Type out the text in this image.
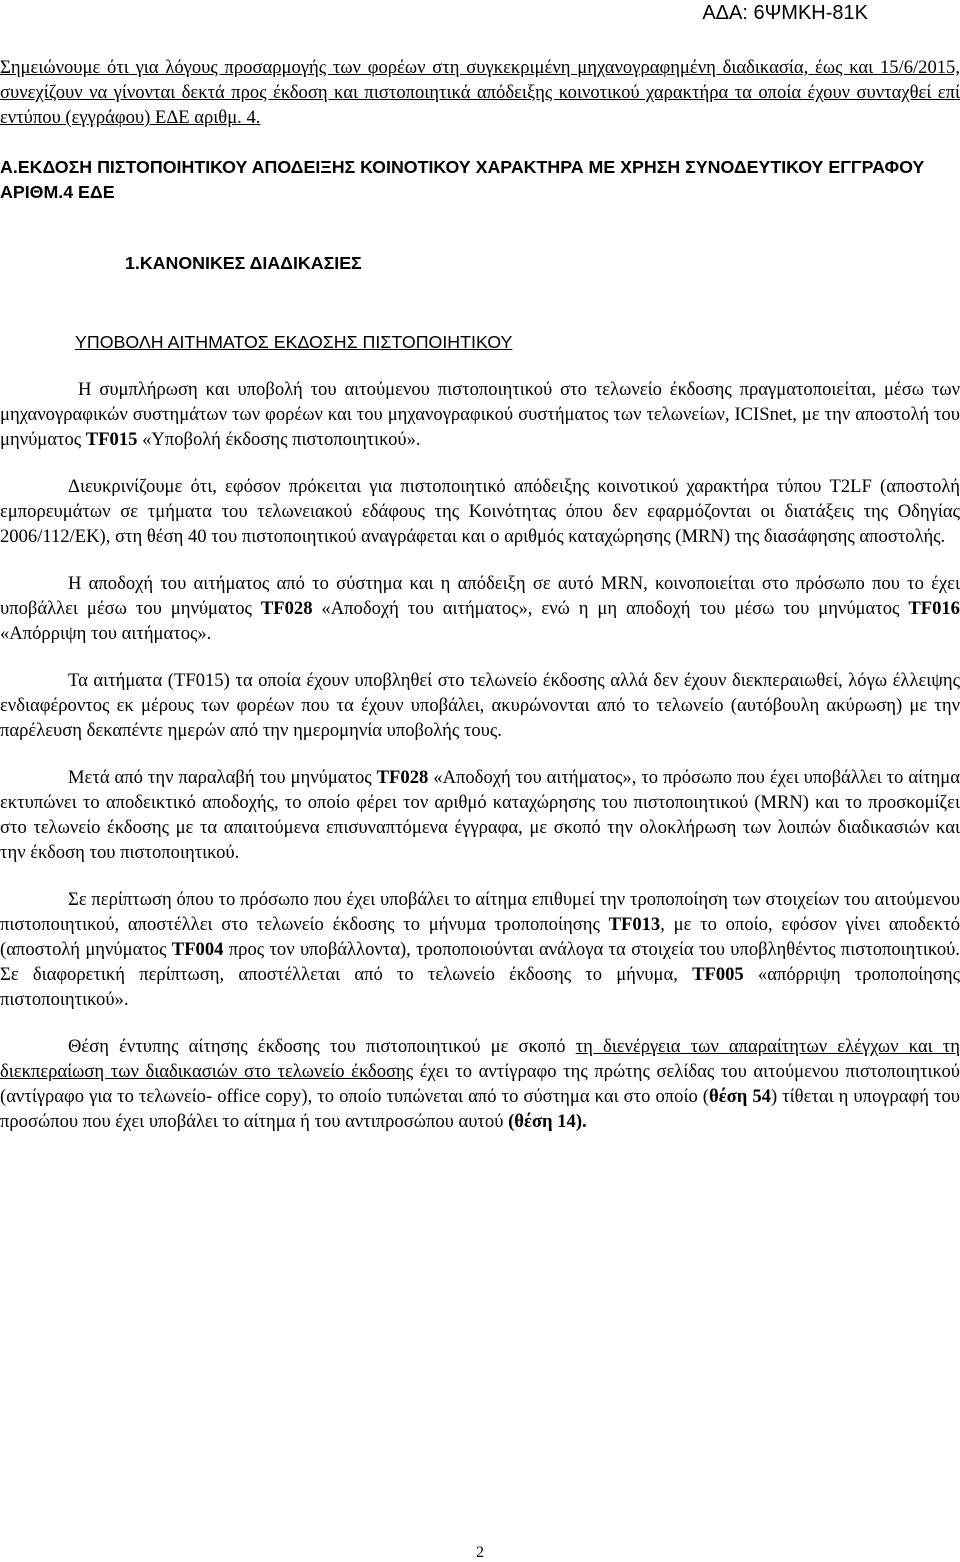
ΑΔΑ: 6ΨΜΚΗ-81Κ

Σημειώνουμε ότι για λόγους προσαρμογής των φορέων στη συγκεκριμένη μηχανογραφημένη διαδικασία, έως και 15/6/2015, συνεχίζουν να γίνονται δεκτά προς έκδοση και πιστοποιητικά απόδειξης κοινοτικού χαρακτήρα τα οποία έχουν συνταχθεί επί εντύπου (εγγράφου) ΕΔΕ αριθμ. 4.

Α.ΕΚΔΟΣΗ ΠΙΣΤΟΠΟΙΗΤΙΚΟΥ ΑΠΟΔΕΙΞΗΣ ΚΟΙΝΟΤΙΚΟΥ ΧΑΡΑΚΤΗΡΑ ΜΕ ΧΡΗΣΗ ΣΥΝΟΔΕΥΤΙΚΟΥ ΕΓΓΡΑΦΟΥ ΑΡΙΘΜ.4 ΕΔΕ

1.ΚΑΝΟΝΙΚΕΣ ΔΙΑΔΙΚΑΣΙΕΣ

ΥΠΟΒΟΛΗ ΑΙΤΗΜΑΤΟΣ ΕΚΔΟΣΗΣ ΠΙΣΤΟΠΟΙΗΤΙΚΟΥ

Η συμπλήρωση και υποβολή του αιτούμενου πιστοποιητικού στο τελωνείο έκδοσης πραγματοποιείται, μέσω των μηχανογραφικών συστημάτων των φορέων και του μηχανογραφικού συστήματος των τελωνείων, ICISnet, με την αποστολή του μηνύματος TF015 «Υποβολή έκδοσης πιστοποιητικού».

Διευκρινίζουμε ότι, εφόσον πρόκειται για πιστοποιητικό απόδειξης κοινοτικού χαρακτήρα τύπου T2LF (αποστολή εμπορευμάτων σε τμήματα του τελωνειακού εδάφους της Κοινότητας όπου δεν εφαρμόζονται οι διατάξεις της Οδηγίας 2006/112/ΕΚ), στη θέση 40 του πιστοποιητικού αναγράφεται και ο αριθμός καταχώρησης (MRN) της διασάφησης αποστολής.

Η αποδοχή του αιτήματος από το σύστημα και η απόδειξη σε αυτό MRN, κοινοποιείται στο πρόσωπο που το έχει υποβάλλει μέσω του μηνύματος TF028 «Αποδοχή του αιτήματος», ενώ η μη αποδοχή του μέσω του μηνύματος TF016 «Απόρριψη του αιτήματος».

Τα αιτήματα (TF015) τα οποία έχουν υποβληθεί στο τελωνείο έκδοσης αλλά δεν έχουν διεκπεραιωθεί, λόγω έλλειψης ενδιαφέροντος εκ μέρους των φορέων που τα έχουν υποβάλει, ακυρώνονται από το τελωνείο (αυτόβουλη ακύρωση) με την παρέλευση δεκαπέντε ημερών από την ημερομηνία υποβολής τους.

Μετά από την παραλαβή του μηνύματος TF028 «Αποδοχή του αιτήματος», το πρόσωπο που έχει υποβάλλει το αίτημα εκτυπώνει το αποδεικτικό αποδοχής, το οποίο φέρει τον αριθμό καταχώρησης του πιστοποιητικού (MRN) και το προσκομίζει στο τελωνείο έκδοσης με τα απαιτούμενα επισυναπτόμενα έγγραφα, με σκοπό την ολοκλήρωση των λοιπών διαδικασιών και την έκδοση του πιστοποιητικού.

Σε περίπτωση όπου το πρόσωπο που έχει υποβάλει το αίτημα επιθυμεί την τροποποίηση των στοιχείων του αιτούμενου πιστοποιητικού, αποστέλλει στο τελωνείο έκδοσης το μήνυμα τροποποίησης TF013, με το οποίο, εφόσον γίνει αποδεκτό (αποστολή μηνύματος TF004 προς τον υποβάλλοντα), τροποποιούνται ανάλογα τα στοιχεία του υποβληθέντος πιστοποιητικού. Σε διαφορετική περίπτωση, αποστέλλεται από το τελωνείο έκδοσης το μήνυμα, TF005 «απόρριψη τροποποίησης πιστοποιητικού».

Θέση έντυπης αίτησης έκδοσης του πιστοποιητικού με σκοπό τη διενέργεια των απαραίτητων ελέγχων και τη διεκπεραίωση των διαδικασιών στο τελωνείο έκδοσης έχει το αντίγραφο της πρώτης σελίδας του αιτούμενου πιστοποιητικού (αντίγραφο για το τελωνείο- office copy), το οποίο τυπώνεται από το σύστημα και στο οποίο (θέση 54) τίθεται η υπογραφή του προσώπου που έχει υποβάλει το αίτημα ή του αντιπροσώπου αυτού (θέση 14).

2
